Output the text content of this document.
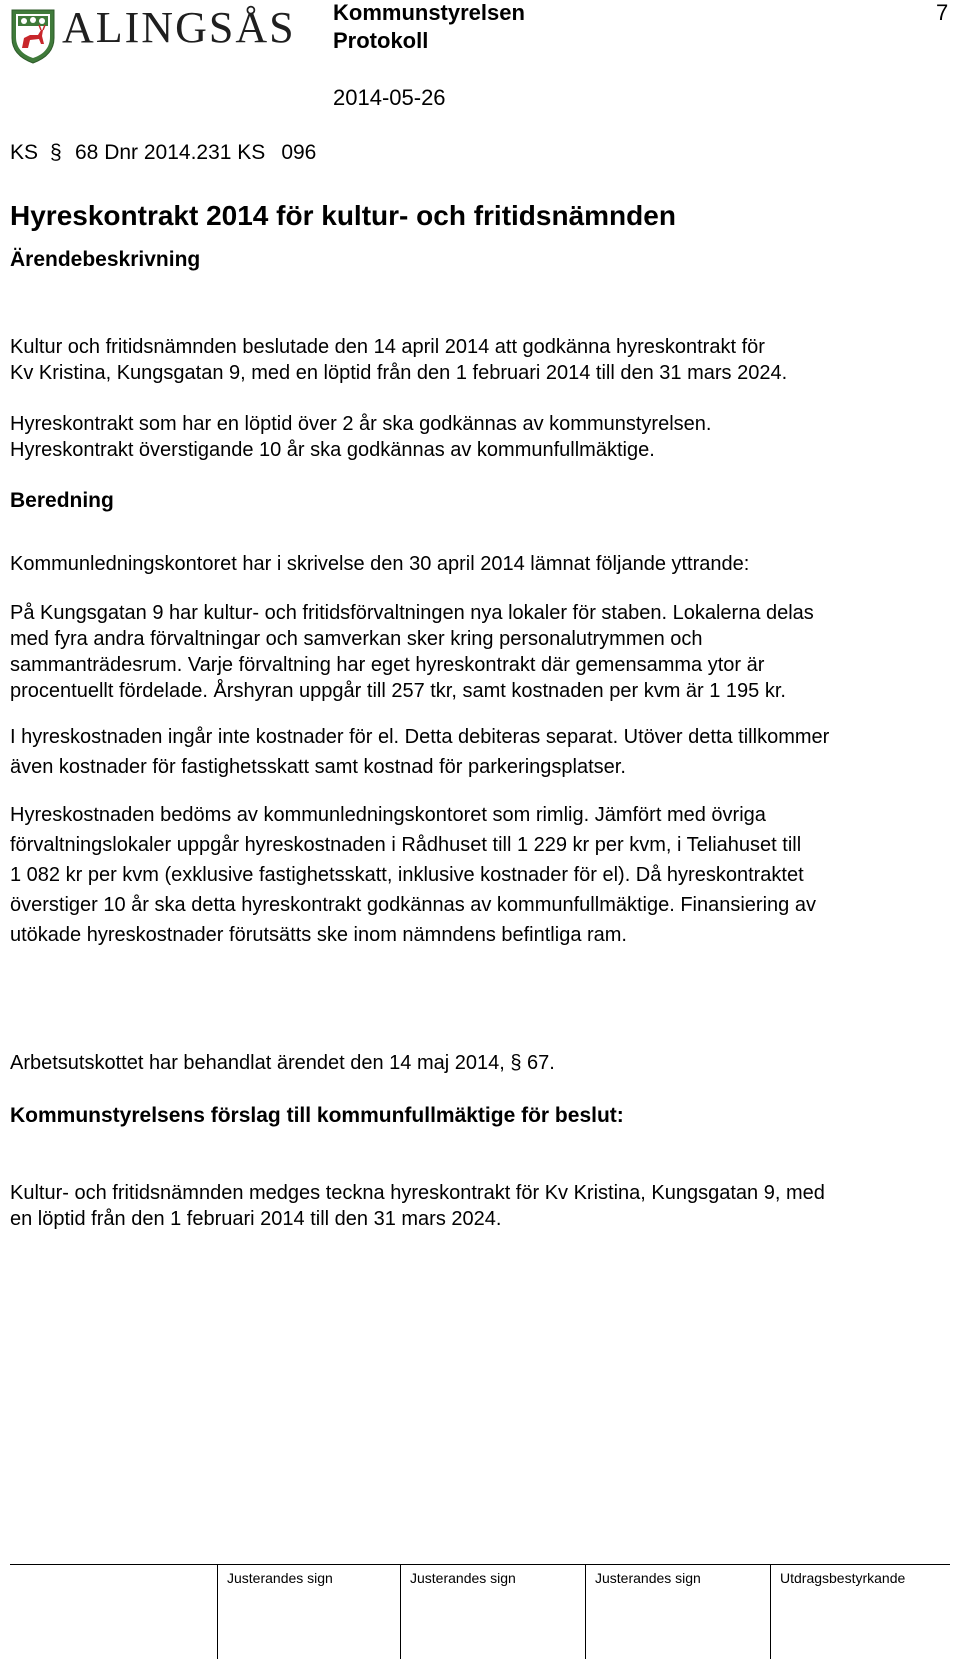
ALINGSÅS Kommunstyrelsen
Protokoll
2014-05-26
7
KS § 68 Dnr 2014.231 KS 096
Hyreskontrakt 2014 för kultur- och fritidsnämnden
Ärendebeskrivning

Kultur och fritidsnämnden beslutade den 14 april 2014 att godkänna hyreskontrakt för

Kv Kristina, Kungsgatan 9, med en löptid från den 1 februari 2014 till den 31 mars 2024.

Hyreskontrakt som har en löptid över 2 år ska godkännas av kommunstyrelsen.

Hyreskontrakt överstigande 10 år ska godkännas av kommunfullmäktige.

Beredning
Kommunledningskontoret har i skrivelse den 30 april 2014 lämnat följande yttrande:

På Kungsgatan 9 har kultur- och fritidsförvaltningen nya lokaler för staben. Lokalerna delas

med fyra andra förvaltningar och samverkan sker kring personalutrymmen och

sammanträdesrum. Varje förvaltning har eget hyreskontrakt där gemensamma ytor är

procentuellt fördelade. Årshyran uppgår till 257 tkr, samt kostnaden per kvm är 1 195 kr.

I hyreskostnaden ingår inte kostnader för el. Detta debiteras separat. Utöver detta tillkommer

även kostnader för fastighetsskatt samt kostnad för parkeringsplatser.

Hyreskostnaden bedöms av kommunledningskontoret som rimlig. Jämfört med övriga

förvaltningslokaler uppgår hyreskostnaden i Rådhuset till 1 229 kr per kvm, i Teliahuset till

1 082 kr per kvm (exklusive fastighetsskatt, inklusive kostnader för el). Då hyreskontraktet

överstiger 10 år ska detta hyreskontrakt godkännas av kommunfullmäktige. Finansiering av

utökade hyreskostnader förutsätts ske inom nämndens befintliga ram.

Arbetsutskottet har behandlat ärendet den 14 maj 2014, § 67.
Kommunstyrelsens förslag till kommunfullmäktige för beslut:

Kultur- och fritidsnämnden medges teckna hyreskontrakt för Kv Kristina, Kungsgatan 9, med

en löptid från den 1 februari 2014 till den 31 mars 2024.

Justerandes sign	Justerandes sign	Justerandes sign	Utdragsbestyrkande
